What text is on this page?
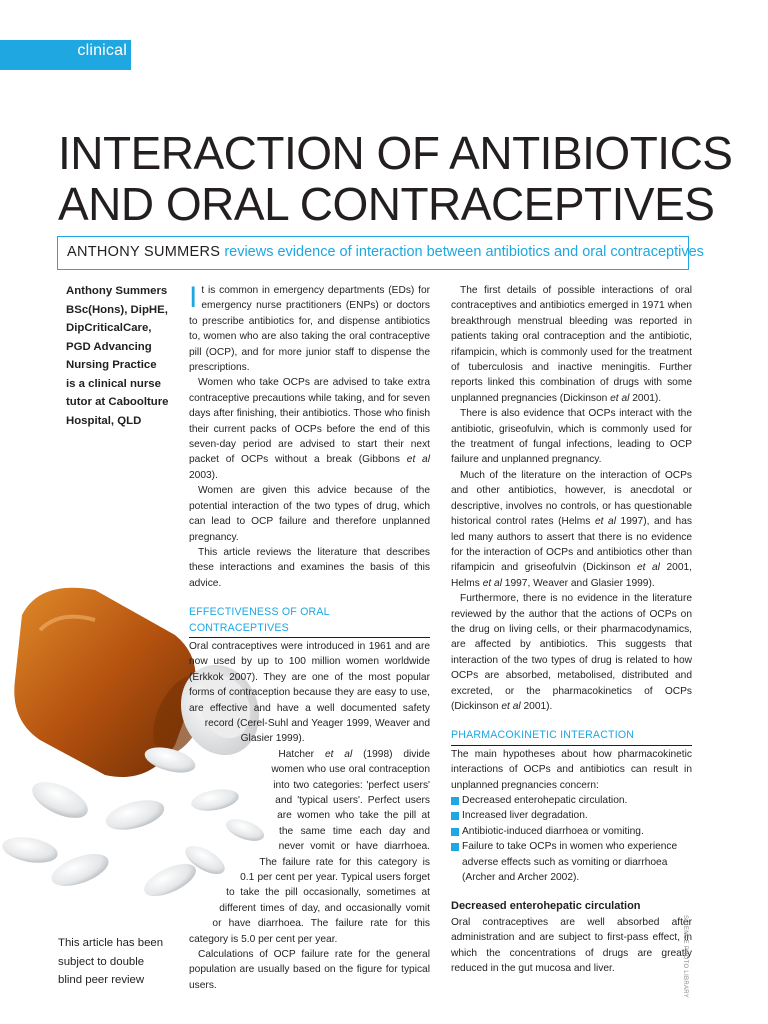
clinical
INTERACTION OF ANTIBIOTICS
AND ORAL CONTRACEPTIVES
ANTHONY SUMMERS reviews evidence of interaction between antibiotics and oral contraceptives
Anthony Summers
BSc(Hons), DipHE,
DipCriticalCare,
PGD Advancing
Nursing Practice
is a clinical nurse
tutor at Caboolture
Hospital, QLD
This article has been
subject to double
blind peer review

It is common in emergency departments (EDs) for emergency nurse practitioners (ENPs) or doctors to prescribe antibiotics for, and dispense antibiotics to, women who are also taking the oral contraceptive pill (OCP), and for more junior staff to dispense the prescriptions.

Women who take OCPs are advised to take extra contraceptive precautions while taking, and for seven days after finishing, their antibiotics. Those who finish their current packs of OCPs before the end of this seven-day period are advised to start their next packet of OCPs without a break (Gibbons et al 2003).

Women are given this advice because of the potential interaction of the two types of drug, which can lead to OCP failure and therefore unplanned pregnancy.

This article reviews the literature that describes these interactions and examines the basis of this advice.

EFFECTIVENESS OF ORAL CONTRACEPTIVES

Oral contraceptives were introduced in 1961 and are now used by up to 100 million women worldwide (Erkkok 2007). They are one of the most popular forms of contraception because they are easy to use, are effective and have a well documented safety record (Cerel-Suhl and Yeager 1999, Weaver and Glasier 1999).

Hatcher et al (1998) divide women who use oral contraception into two categories: 'perfect users' and 'typical users'. Perfect users are women who take the pill at the same time each day and never vomit or have diarrhoea. The failure rate for this category is 0.1 per cent per year. Typical users forget to take the pill occasionally, sometimes at different times of day, and occasionally vomit or have diarrhoea. The failure rate for this category is 5.0 per cent per year.

Calculations of OCP failure rate for the general population are usually based on the figure for typical users.

The first details of possible interactions of oral contraceptives and antibiotics emerged in 1971 when breakthrough menstrual bleeding was reported in patients taking oral contraception and the antibiotic, rifampicin, which is commonly used for the treatment of tuberculosis and inactive meningitis. Further reports linked this combination of drugs with some unplanned pregnancies (Dickinson et al 2001).

There is also evidence that OCPs interact with the antibiotic, griseofulvin, which is commonly used for the treatment of fungal infections, leading to OCP failure and unplanned pregnancy.

Much of the literature on the interaction of OCPs and other antibiotics, however, is anecdotal or descriptive, involves no controls, or has questionable historical control rates (Helms et al 1997), and has led many authors to assert that there is no evidence for the interaction of OCPs and antibiotics other than rifampicin and griseofulvin (Dickinson et al 2001, Helms et al 1997, Weaver and Glasier 1999).

Furthermore, there is no evidence in the literature reviewed by the author that the actions of OCPs on the drug on living cells, or their pharmacodynamics, are affected by antibiotics. This suggests that interaction of the two types of drug is related to how OCPs are absorbed, metabolised, distributed and excreted, or the pharmacokinetics of OCPs (Dickinson et al 2001).

PHARMACOKINETIC INTERACTION

The main hypotheses about how pharmacokinetic interactions of OCPs and antibiotics can result in unplanned pregnancies concern:

Decreased enterohepatic circulation.
Increased liver degradation.
Antibiotic-induced diarrhoea or vomiting.
Failure to take OCPs in women who experience adverse effects such as vomiting or diarrhoea (Archer and Archer 2002).
Decreased enterohepatic circulation

Oral contraceptives are well absorbed after administration and are subject to first-pass effect, in which the concentrations of drugs are greatly reduced in the gut mucosa and liver.	SCIENCE PHOTO LIBRARY
